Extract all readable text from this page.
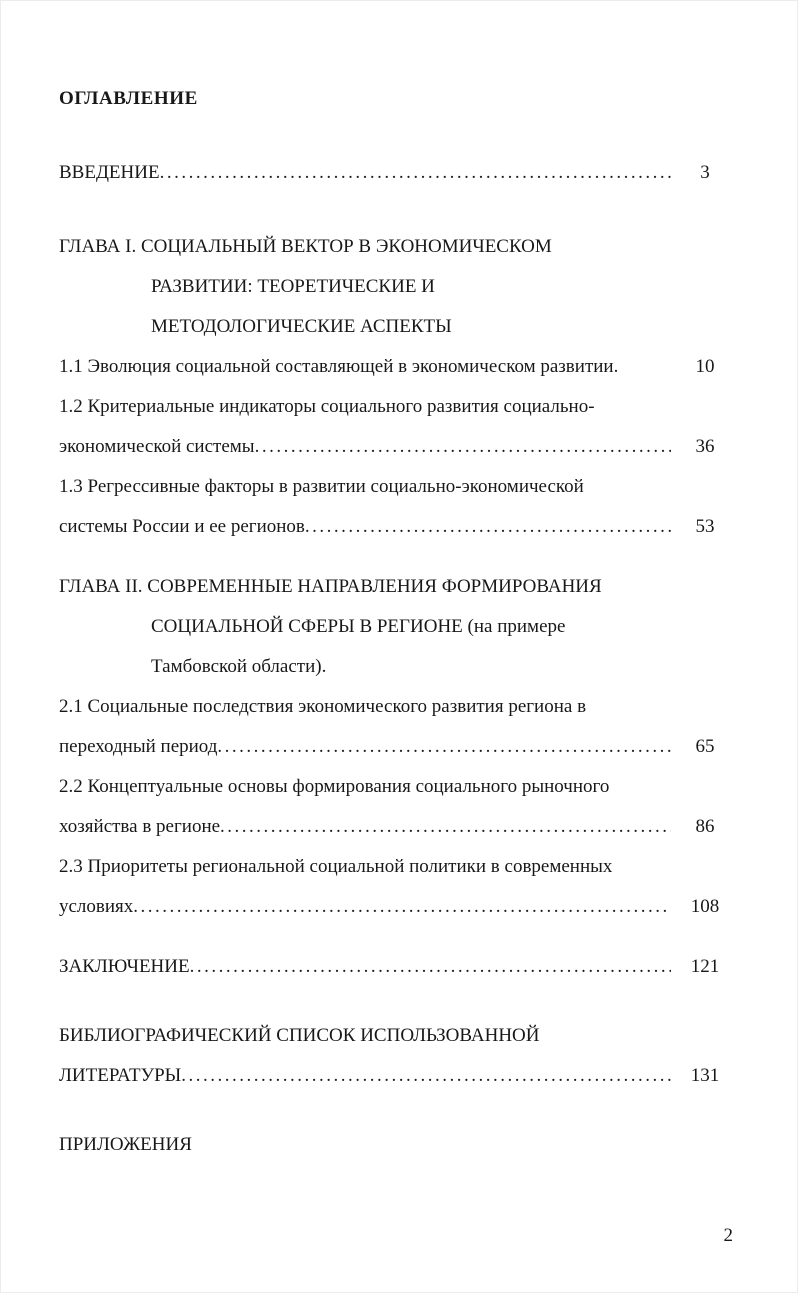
ОГЛАВЛЕНИЕ
ВВЕДЕНИЕ .....	3
ГЛАВА I. СОЦИАЛЬНЫЙ ВЕКТОР В ЭКОНОМИЧЕСКОМ
РАЗВИТИИ: ТЕОРЕТИЧЕСКИЕ И
МЕТОДОЛОГИЧЕСКИЕ АСПЕКТЫ
1.1 Эволюция социальной составляющей в экономическом развитии.	10
1.2 Критериальные индикаторы социального развития социально-
экономической системы .....	36
1.3 Регрессивные факторы в развитии социально-экономической
системы России и ее регионов .....	53
ГЛАВА II. СОВРЕМЕННЫЕ НАПРАВЛЕНИЯ ФОРМИРОВАНИЯ
СОЦИАЛЬНОЙ СФЕРЫ В РЕГИОНЕ (на примере
Тамбовской области).
2.1 Социальные последствия экономического развития региона в
переходный период .....	65
2.2 Концептуальные основы формирования социального рыночного
хозяйства в регионе .....	86
2.3 Приоритеты региональной социальной политики в современных
условиях .....	108
ЗАКЛЮЧЕНИЕ .....	121
БИБЛИОГРАФИЧЕСКИЙ СПИСОК ИСПОЛЬЗОВАННОЙ
ЛИТЕРАТУРЫ .....	131
ПРИЛОЖЕНИЯ
2
